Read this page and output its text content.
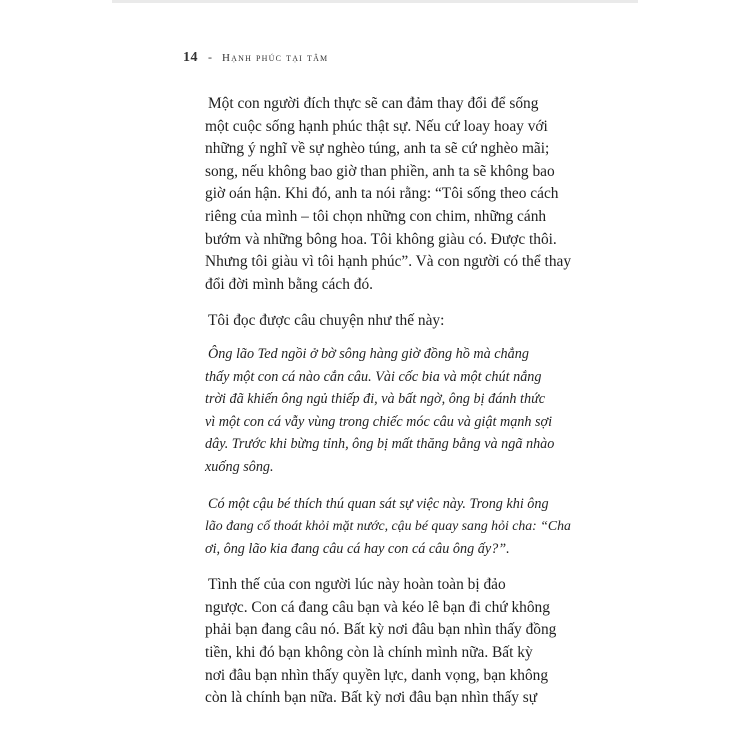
14 - Hạnh phúc tại tâm

Một con người đích thực sẽ can đảm thay đổi để sống
một cuộc sống hạnh phúc thật sự. Nếu cứ loay hoay với
những ý nghĩ về sự nghèo túng, anh ta sẽ cứ nghèo mãi;
song, nếu không bao giờ than phiền, anh ta sẽ không bao
giờ oán hận. Khi đó, anh ta nói rằng: “Tôi sống theo cách
riêng của mình – tôi chọn những con chim, những cánh
bướm và những bông hoa. Tôi không giàu có. Được thôi.
Nhưng tôi giàu vì tôi hạnh phúc”. Và con người có thể thay
đổi đời mình bằng cách đó.

Tôi đọc được câu chuyện như thế này:

Ông lão Ted ngồi ở bờ sông hàng giờ đồng hồ mà chẳng
thấy một con cá nào cắn câu. Vài cốc bia và một chút nắng
trời đã khiến ông ngủ thiếp đi, và bất ngờ, ông bị đánh thức
vì một con cá vẫy vùng trong chiếc móc câu và giật mạnh sợi
dây. Trước khi bừng tỉnh, ông bị mất thăng bằng và ngã nhào
xuống sông.

Có một cậu bé thích thú quan sát sự việc này. Trong khi ông
lão đang cố thoát khỏi mặt nước, cậu bé quay sang hỏi cha: “Cha
ơi, ông lão kia đang câu cá hay con cá câu ông ấy?”.

Tình thế của con người lúc này hoàn toàn bị đảo
ngược. Con cá đang câu bạn và kéo lê bạn đi chứ không
phải bạn đang câu nó. Bất kỳ nơi đâu bạn nhìn thấy đồng
tiền, khi đó bạn không còn là chính mình nữa. Bất kỳ
nơi đâu bạn nhìn thấy quyền lực, danh vọng, bạn không
còn là chính bạn nữa. Bất kỳ nơi đâu bạn nhìn thấy sự
